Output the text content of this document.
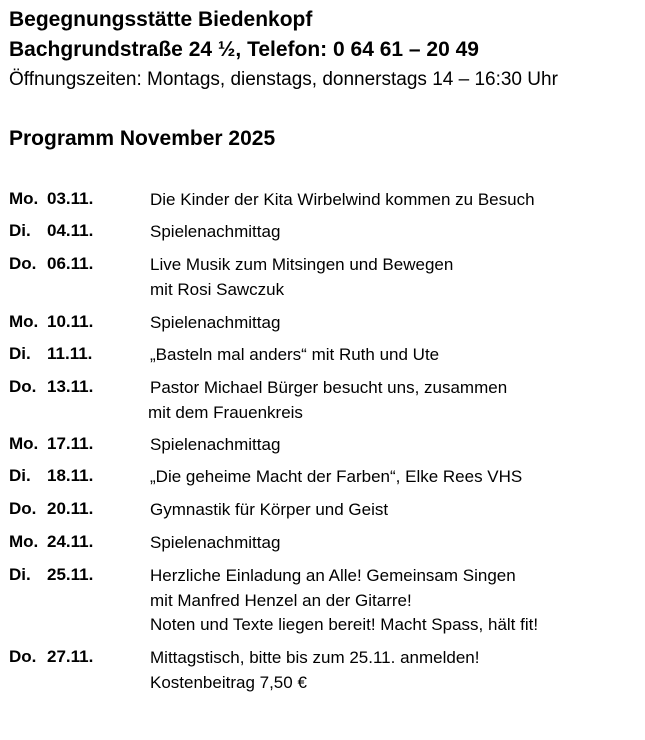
Begegnungsstätte Biedenkopf
Bachgrundstraße 24 ½, Telefon: 0 64 61 – 20 49
Öffnungszeiten: Montags, dienstags, donnerstags 14 – 16:30 Uhr
Programm November 2025
Mo. 03.11.	Die Kinder der Kita Wirbelwind kommen zu Besuch
Di. 04.11.	Spielenachmittag
Do. 06.11.	Live Musik zum Mitsingen und Bewegen
mit Rosi Sawczuk
Mo. 10.11.	Spielenachmittag
Di. 11.11.	„Basteln mal anders“ mit Ruth und Ute
Do. 13.11.	Pastor Michael Bürger besucht uns, zusammen
mit dem Frauenkreis
Mo. 17.11.	Spielenachmittag
Di. 18.11.	„Die geheime Macht der Farben“, Elke Rees VHS
Do. 20.11.	Gymnastik für Körper und Geist
Mo. 24.11.	Spielenachmittag
Di. 25.11.	Herzliche Einladung an Alle! Gemeinsam Singen
mit Manfred Henzel an der Gitarre!
Noten und Texte liegen bereit! Macht Spass, hält fit!
Do. 27.11.	Mittagstisch, bitte bis zum 25.11. anmelden!
Kostenbeitrag 7,50 €
